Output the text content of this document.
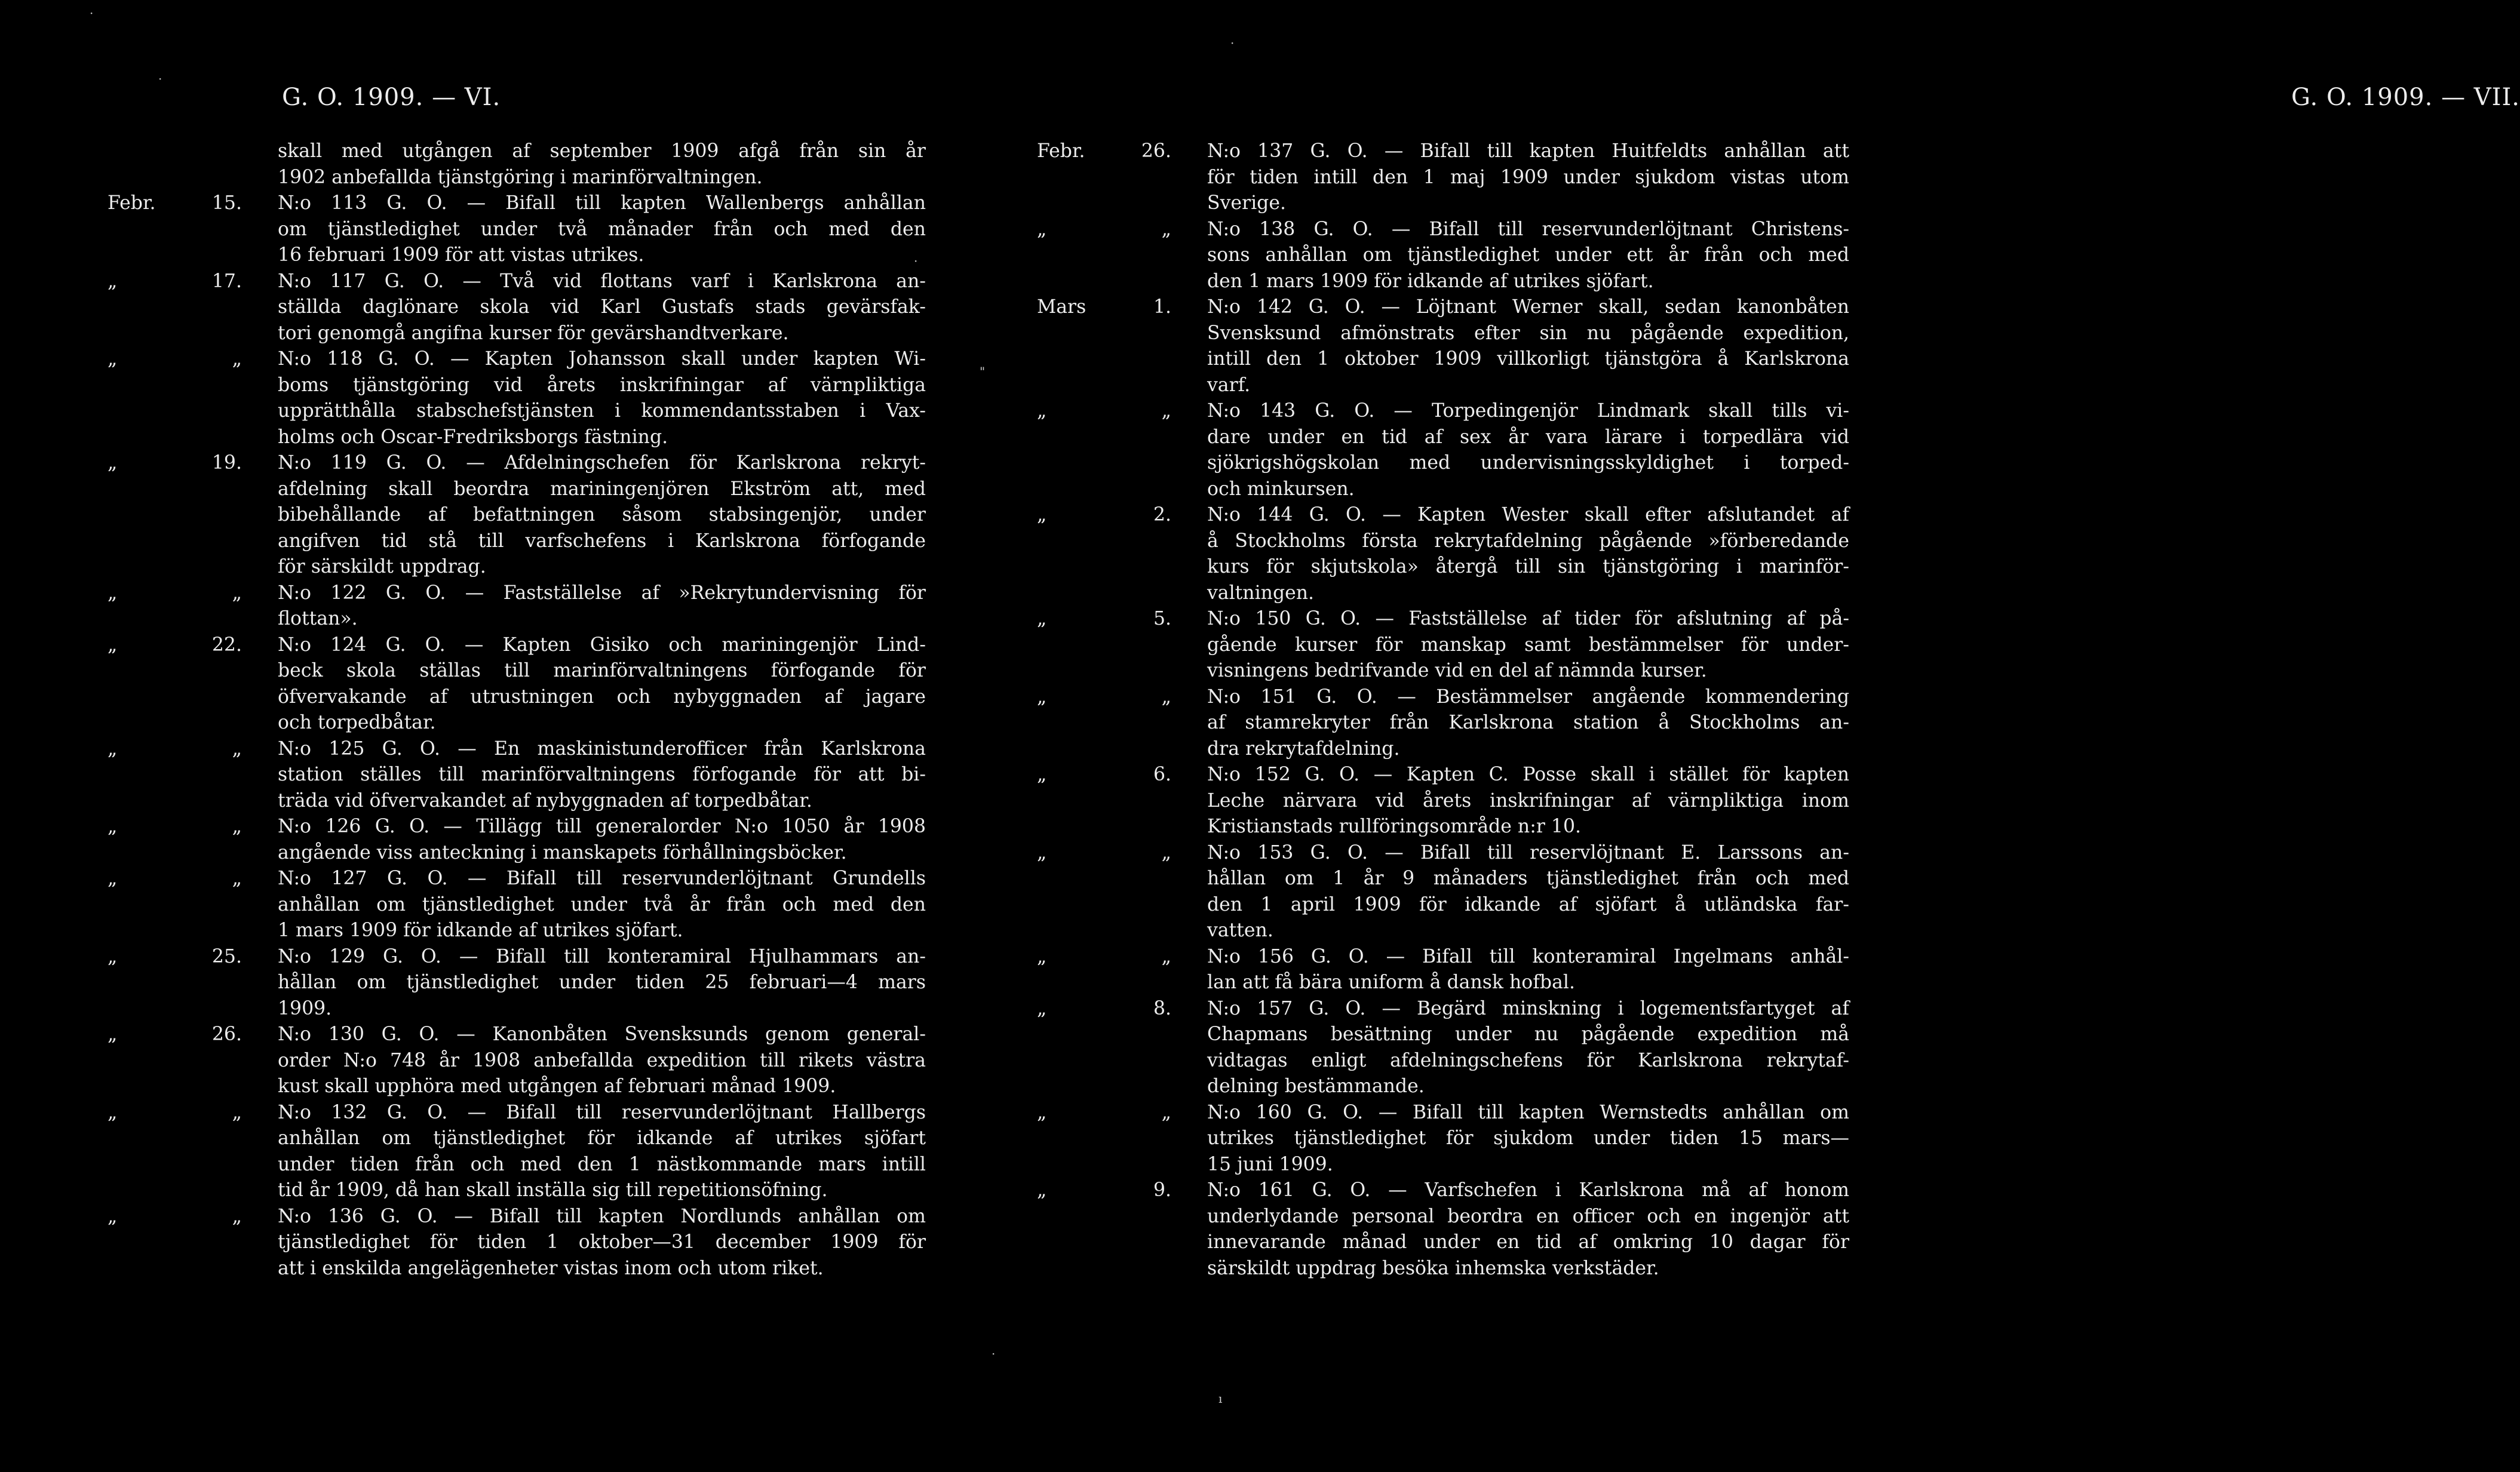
G. O. 1909. — VI.	G. O. 1909. — VII.
skall med utgången af september 1909 afgå från sin år
1902 anbefallda tjänstgöring i marinförvaltningen.
Febr.	15. N:o 113 G. O. — Bifall till kapten Wallenbergs anhållan
om tjänstledighet under två månader från och med den
16 februari 1909 för att vistas utrikes.
„	17. N:o 117 G. O. — Två vid flottans varf i Karlskrona an-
ställda daglönare skola vid Karl Gustafs stads gevärsfak-
tori genomgå angifna kurser för gevärshandtverkare.
„	„ N:o 118 G. O. — Kapten Johansson skall under kapten Wi-
boms tjänstgöring vid årets inskrifningar af värnpliktiga
upprätthålla stabschefstjänsten i kommendantsstaben i Vax-
holms och Oscar-Fredriksborgs fästning.
„	19. N:o 119 G. O. — Afdelningschefen för Karlskrona rekryt-
afdelning skall beordra mariningenjören Ekström att, med
bibehållande af befattningen såsom stabsingenjör, under
angifven tid stå till varfschefens i Karlskrona förfogande
för särskildt uppdrag.
„	„ N:o 122 G. O. — Fastställelse af »Rekrytundervisning för
flottan».
„	22. N:o 124 G. O. — Kapten Gisiko och mariningenjör Lind-
beck skola ställas till marinförvaltningens förfogande för
öfvervakande af utrustningen och nybyggnaden af jagare
och torpedbåtar.
„	„ N:o 125 G. O. — En maskinistunderofficer från Karlskrona
station ställes till marinförvaltningens förfogande för att bi-
träda vid öfvervakandet af nybyggnaden af torpedbåtar.
„	„ N:o 126 G. O. — Tillägg till generalorder N:o 1050 år 1908
angående viss anteckning i manskapets förhållningsböcker.
„	„ N:o 127 G. O. — Bifall till reservunderlöjtnant Grundells
anhållan om tjänstledighet under två år från och med den
1 mars 1909 för idkande af utrikes sjöfart.
„	25. N:o 129 G. O. — Bifall till konteramiral Hjulhammars an-
hållan om tjänstledighet under tiden 25 februari—4 mars
1909.
„	26. N:o 130 G. O. — Kanonbåten Svensksunds genom general-
order N:o 748 år 1908 anbefallda expedition till rikets västra
kust skall upphöra med utgången af februari månad 1909.
„	„ N:o 132 G. O. — Bifall till reservunderlöjtnant Hallbergs
anhållan om tjänstledighet för idkande af utrikes sjöfart
under tiden från och med den 1 nästkommande mars intill
tid år 1909, då han skall inställa sig till repetitionsöfning.
„	„ N:o 136 G. O. — Bifall till kapten Nordlunds anhållan om
tjänstledighet för tiden 1 oktober—31 december 1909 för
att i enskilda angelägenheter vistas inom och utom riket.
Febr.	26. N:o 137 G. O. — Bifall till kapten Huitfeldts anhållan att
för tiden intill den 1 maj 1909 under sjukdom vistas utom
Sverige.
„	„ N:o 138 G. O. — Bifall till reservunderlöjtnant Christens-
sons anhållan om tjänstledighet under ett år från och med
den 1 mars 1909 för idkande af utrikes sjöfart.
Mars	1. N:o 142 G. O. — Löjtnant Werner skall, sedan kanonbåten
Svensksund afmönstrats efter sin nu pågående expedition,
intill den 1 oktober 1909 villkorligt tjänstgöra å Karlskrona
varf.
„	„ N:o 143 G. O. — Torpedingenjör Lindmark skall tills vi-
dare under en tid af sex år vara lärare i torpedlära vid
sjökrigshögskolan med undervisningsskyldighet i torped-
och minkursen.
„	2. N:o 144 G. O. — Kapten Wester skall efter afslutandet af
å Stockholms första rekrytafdelning pågående »förberedande
kurs för skjutskola» återgå till sin tjänstgöring i marinför-
valtningen.
„	5. N:o 150 G. O. — Fastställelse af tider för afslutning af på-
gående kurser för manskap samt bestämmelser för under-
visningens bedrifvande vid en del af nämnda kurser.
„	„ N:o 151 G. O. — Bestämmelser angående kommendering
af stamrekryter från Karlskrona station å Stockholms an-
dra rekrytafdelning.
„	6. N:o 152 G. O. — Kapten C. Posse skall i stället för kapten
Leche närvara vid årets inskrifningar af värnpliktiga inom
Kristianstads rullföringsområde n:r 10.
„	„ N:o 153 G. O. — Bifall till reservlöjtnant E. Larssons an-
hållan om 1 år 9 månaders tjänstledighet från och med
den 1 april 1909 för idkande af sjöfart å utländska far-
vatten.
„	„ N:o 156 G. O. — Bifall till konteramiral Ingelmans anhål-
lan att få bära uniform å dansk hofbal.
„	8. N:o 157 G. O. — Begärd minskning i logementsfartyget af
Chapmans besättning under nu pågående expedition må
vidtagas enligt afdelningschefens för Karlskrona rekrytaf-
delning bestämmande.
„	„ N:o 160 G. O. — Bifall till kapten Wernstedts anhållan om
utrikes tjänstledighet för sjukdom under tiden 15 mars—
15 juni 1909.
„	9. N:o 161 G. O. — Varfschefen i Karlskrona må af honom
underlydande personal beordra en officer och en ingenjör att
innevarande månad under en tid af omkring 10 dagar för
särskildt uppdrag besöka inhemska verkstäder.
·
·
·
"
·
·
ı
